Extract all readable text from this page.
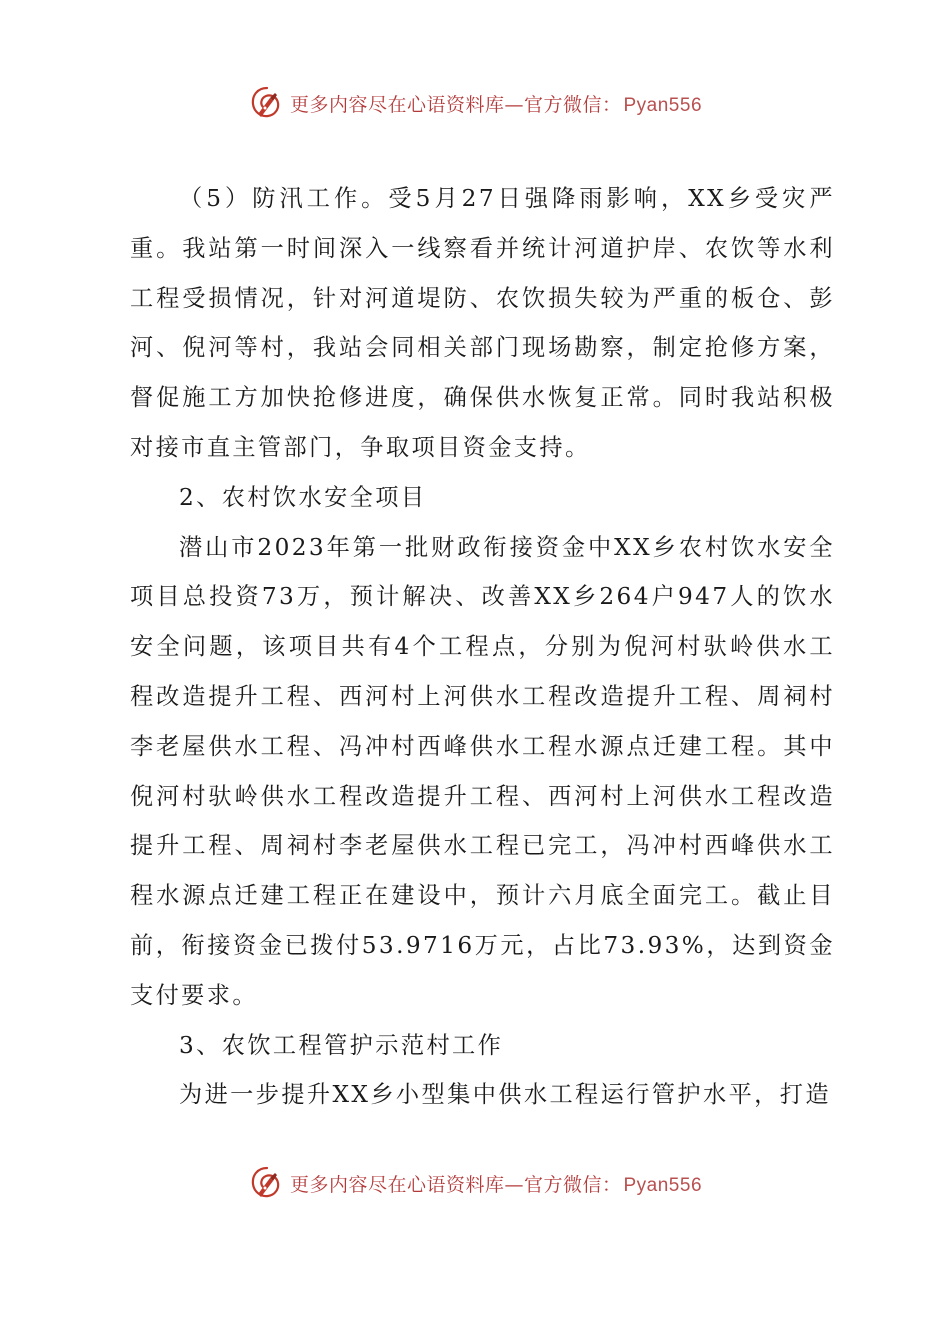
更多内容尽在心语资料库—官方微信： Pyan556

（5）防汛工作。受5月27日强降雨影响，XX乡受灾严重。我站第一时间深入一线察看并统计河道护岸、农饮等水利工程受损情况，针对河道堤防、农饮损失较为严重的板仓、彭河、倪河等村，我站会同相关部门现场勘察，制定抢修方案，督促施工方加快抢修进度，确保供水恢复正常。同时我站积极对接市直主管部门，争取项目资金支持。

2、农村饮水安全项目

潜山市2023年第一批财政衔接资金中XX乡农村饮水安全项目总投资73万，预计解决、改善XX乡264户947人的饮水安全问题，该项目共有4个工程点，分别为倪河村驮岭供水工程改造提升工程、西河村上河供水工程改造提升工程、周祠村李老屋供水工程、冯冲村西峰供水工程水源点迁建工程。其中倪河村驮岭供水工程改造提升工程、西河村上河供水工程改造提升工程、周祠村李老屋供水工程已完工，冯冲村西峰供水工程水源点迁建工程正在建设中，预计六月底全面完工。截止目前，衔接资金已拨付53.9716万元，占比73.93%，达到资金支付要求。

3、农饮工程管护示范村工作

为进一步提升XX乡小型集中供水工程运行管护水平，打造

更多内容尽在心语资料库—官方微信： Pyan556
